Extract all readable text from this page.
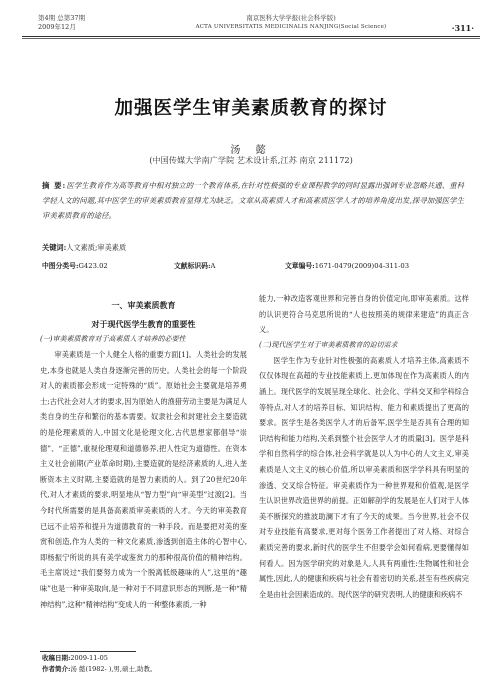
第4期 总第37期
2009年12月
南京医科大学学报(社会科学版)
ACTA UNIVERSITATIS MEDICINALIS NANJING(Social Science)	·311·
加强医学生审美素质教育的探讨
汤 懿
(中国传媒大学南广学院 艺术设计系,江苏 南京 211172)
摘 要:医学生教育作为高等教育中相对独立的一个教育体系,在针对性极强的专业课程教学的同时显露出强调专业忽略共通、重科学轻人文的问题,其中医学生的审美素质教育显得尤为缺乏。文章从高素质人才和高素质医学人才的培养角度出发,探寻加强医学生审美素质教育的途径。
关键词:人文素质;审美素质
中图分类号:G423.02	文献标识码:A	文章编号:1671-0479(2009)04-311-03
一、审美素质教育
对于现代医学生教育的重要性
(一)审美素质教育对于高素质人才培养的必要性

审美素质是一个人健全人格的重要方面[1]。人类社会的发展史,本身也就是人类自身逐渐完善的历史。人类社会的每一个阶段对人的素质都会形成一定特殊的“质”。原始社会主要就是培养勇士;古代社会对人才的要求,因为原始人的渔猎劳动主要是为满足人类自身的生存和繁衍的基本需要。奴隶社会和封建社会主要造就的是伦理素质的人,中国文化是伦理文化,古代思想家都倡导“崇德”、“正德”,重视伦理观和道德修养,把人性定为道德性。在资本主义社会前期(产业革命时期),主要造就的是经济素质的人,进入垄断资本主义时期,主要造就的是智力素质的人。到了20世纪20年代,对人才素质的要求,明显地从“智力型”向“审美型”过渡[2]。当今时代所需要的是具备高素质审美素质的人才。今天的审美教育已远不止培养和提升为道德教育的一种手段。而是要把对美的鉴赏和创造,作为人类的一种文化素质,渗透到创造主体的心智中心,即杨振宁所说的具有美学或鉴赏力的那种很高价值的精神结构。毛主席说过“我们要努力成为一个脱离低级趣味的人”,这里的“趣味”也是一种审美取向,是一种对于不同意识形态的判断,是一种“精神结构”,这种“精神结构”变成人的一种整体素质,一种

能力,一种改造客观世界和完善自身的价值定向,即审美素质。这样的认识更符合马克思所说的“人也按照美的规律来建造”的真正含义。

(二)现代医学生对于审美素质教育的迫切需求

医学生作为专业针对性极强的高素质人才培养主体,高素质不仅仅体现在高超的专业技能素质上,更加体现在作为高素质人的内涵上。现代医学的发展呈现全球化、社会化、学科交叉和学科综合等特点,对人才的培养目标、知识结构、能力和素质提出了更高的要求。医学生是各类医学人才的后备军,医学生是否具有合理的知识结构和能力结构,关系到整个社会医学人才的质量[3]。医学是科学和自然科学的综合体,社会科学就是以人为中心的人文主义,审美素质是人文主义的核心价值,所以审美素质和医学学科具有明显的渗透、交叉综合特征。审美素质作为一种世界观和价值观,是医学生认识世界改造世界的前提。正如解剖学的发展是在人们对于人体美不断探究的推波助澜下才有了今天的成果。当今世界,社会不仅对专业技能有高要求,更对每个医务工作者提出了对人格、对综合素质完善的要求,新时代的医学生不但要学会如何看病,更要懂得如何看人。因为医学研究的对象是人,人具有两重性:生物属性和社会属性,因此,人的健康和疾病与社会有着密切的关系,甚至有些疾病完全是由社会因素造成的。现代医学的研究表明,人的健康和疾病不

收稿日期:2009-11-05
作者简介:汤 懿(1982- ),男,硕士,助教。
